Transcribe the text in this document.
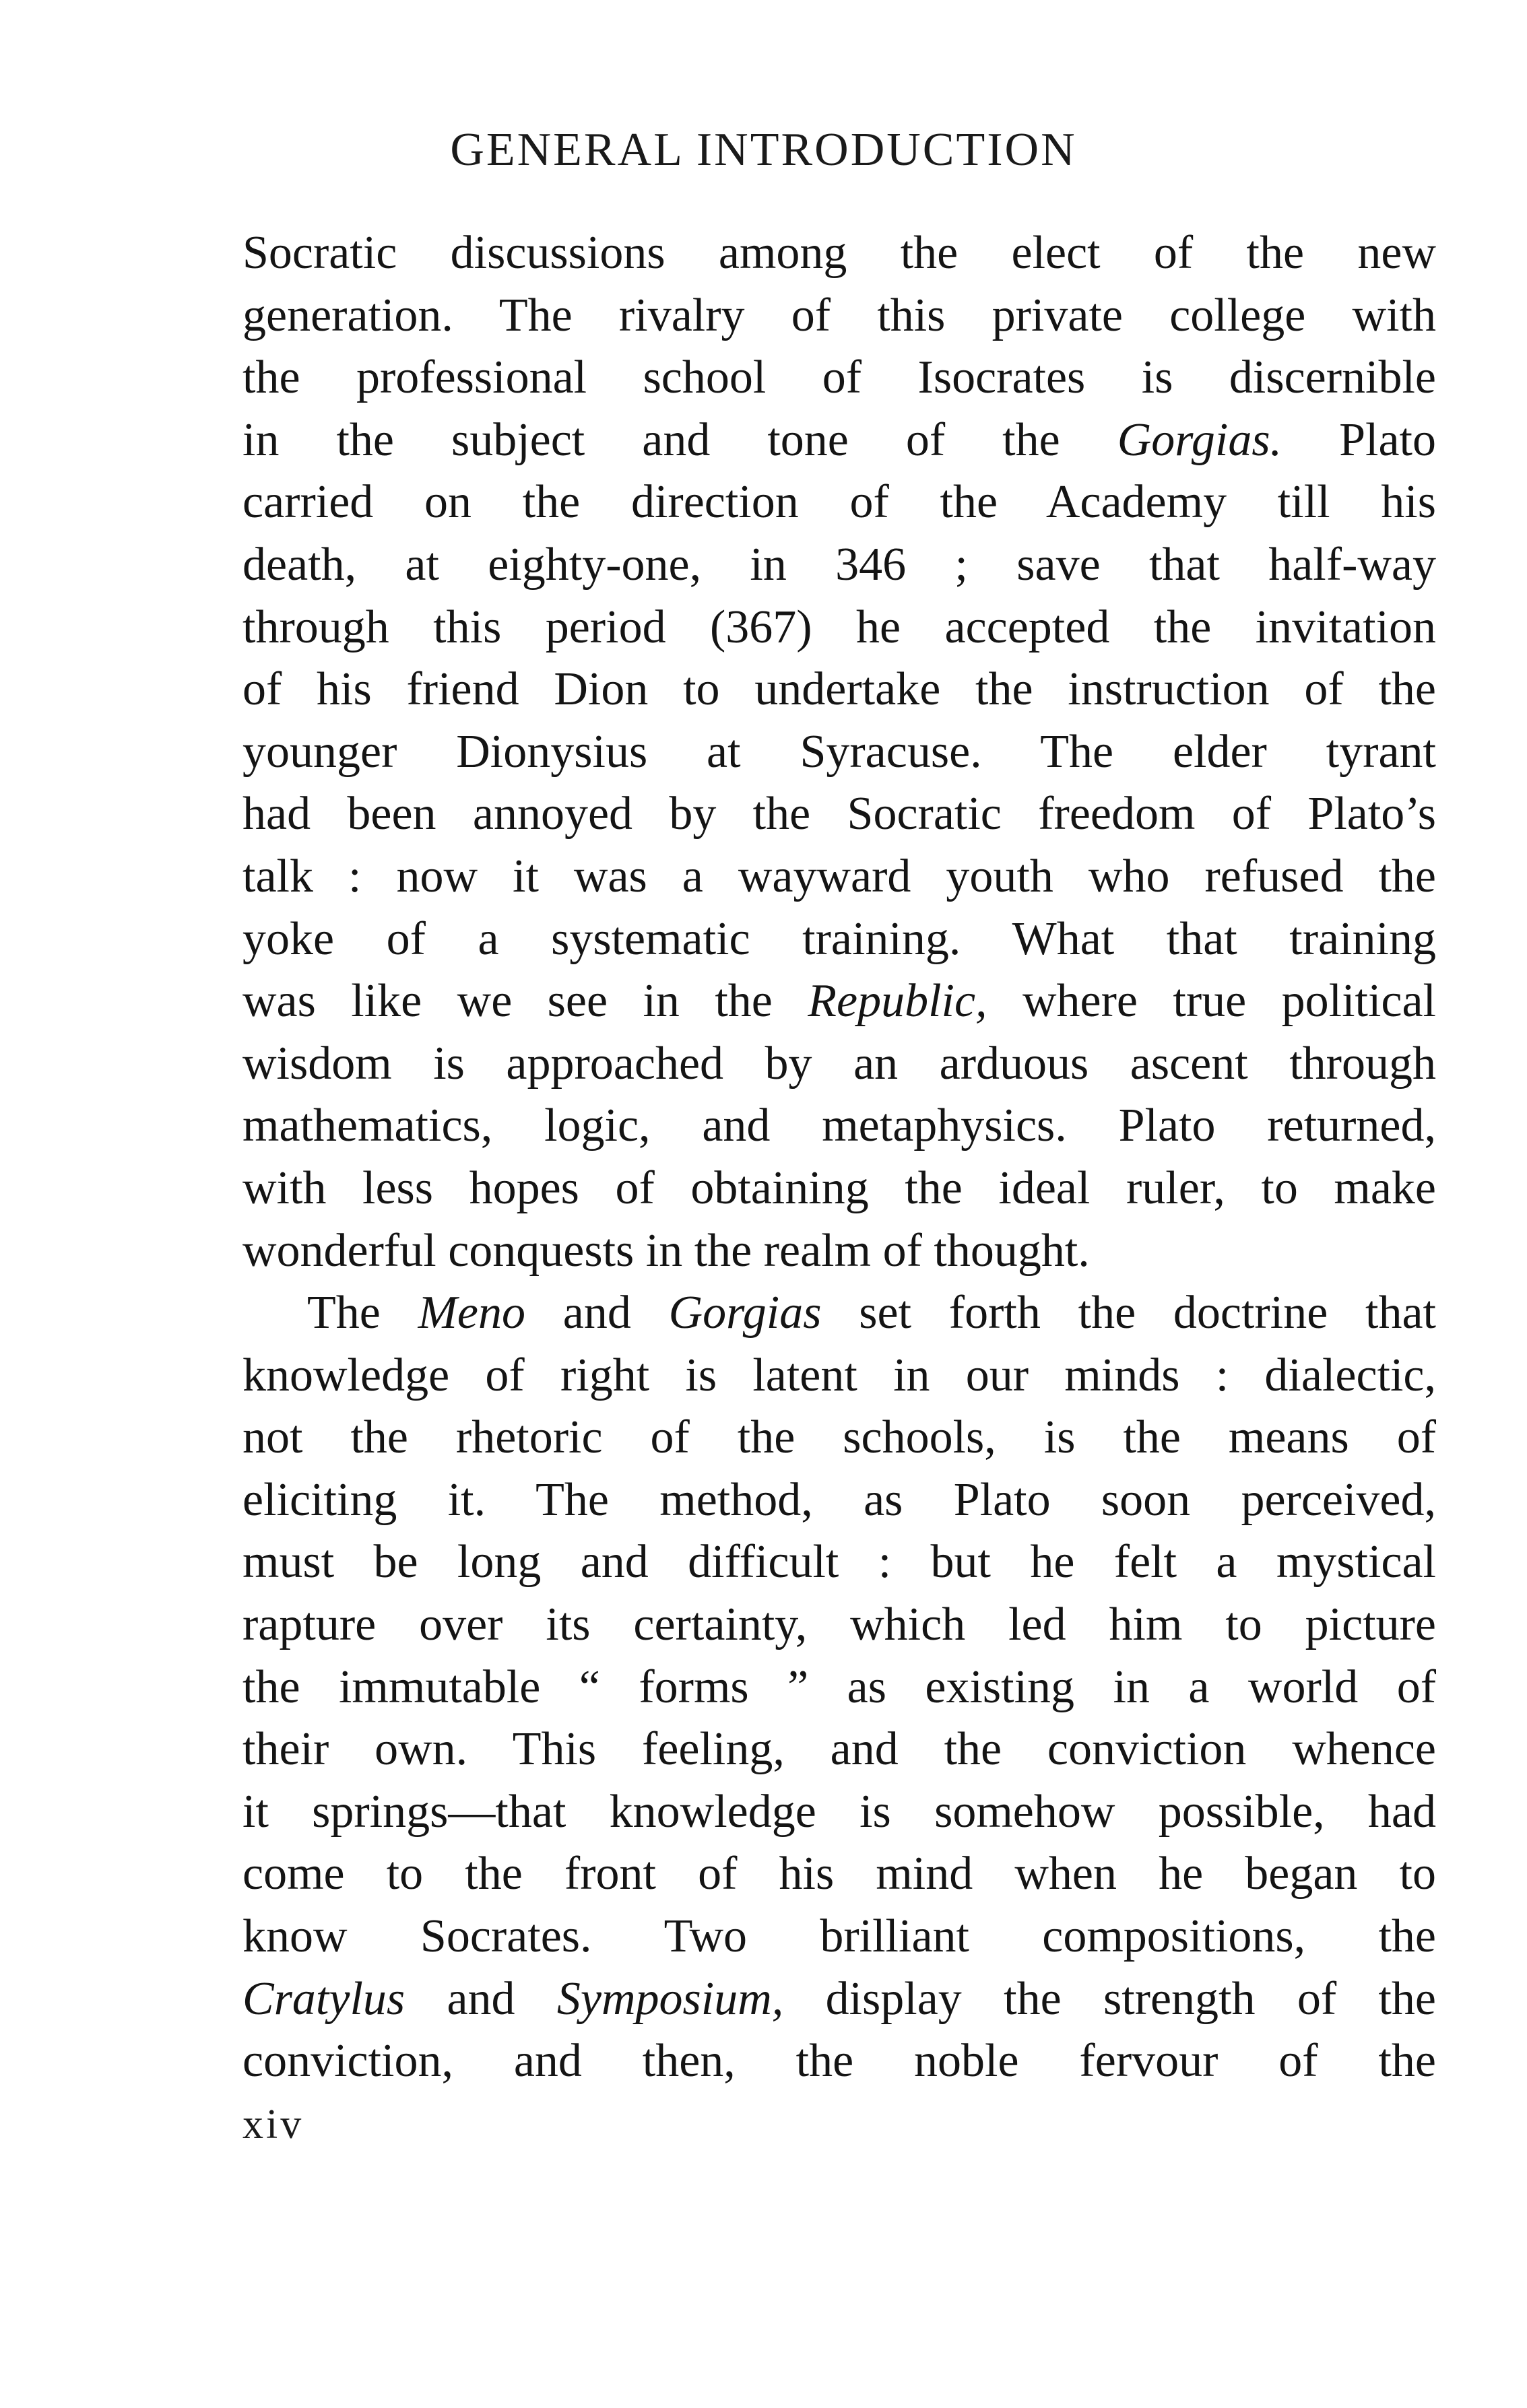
GENERAL INTRODUCTION
Socratic discussions among the elect of the new
generation. The rivalry of this private college with
the professional school of Isocrates is discernible
in the subject and tone of the Gorgias. Plato
carried on the direction of the Academy till his
death, at eighty-one, in 346 ; save that half-way
through this period (367) he accepted the invitation
of his friend Dion to undertake the instruction of the
younger Dionysius at Syracuse. The elder tyrant
had been annoyed by the Socratic freedom of Plato’s
talk : now it was a wayward youth who refused the
yoke of a systematic training. What that training
was like we see in the Republic, where true political
wisdom is approached by an arduous ascent through
mathematics, logic, and metaphysics. Plato returned,
with less hopes of obtaining the ideal ruler, to make
wonderful conquests in the realm of thought.
The Meno and Gorgias set forth the doctrine that
knowledge of right is latent in our minds : dialectic,
not the rhetoric of the schools, is the means of
eliciting it. The method, as Plato soon perceived,
must be long and difficult : but he felt a mystical
rapture over its certainty, which led him to picture
the immutable “ forms ” as existing in a world of
their own. This feeling, and the conviction whence
it springs—that knowledge is somehow possible, had
come to the front of his mind when he began to
know Socrates. Two brilliant compositions, the
Cratylus and Symposium, display the strength of the
conviction, and then, the noble fervour of the
xiv
